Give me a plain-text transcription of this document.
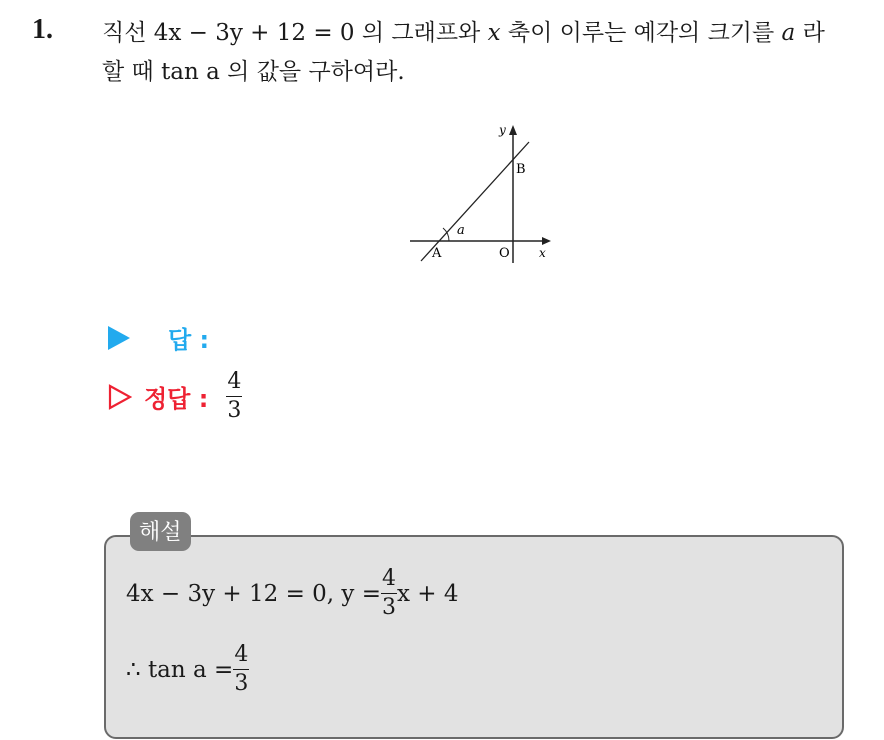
1. 직선 4x − 3y + 12 = 0 의 그래프와 x 축이 이루는 예각의 크기를 a 라
할 때 tan a 의 값을 구하여라.
y
B
a
A	O x
답 :
정답 : $\frac{4}{3}$
해설
4x − 3y + 12 = 0, $y = \frac{4}{3}$ x + 4
∴ $\tan a = \frac{4}{3}$
